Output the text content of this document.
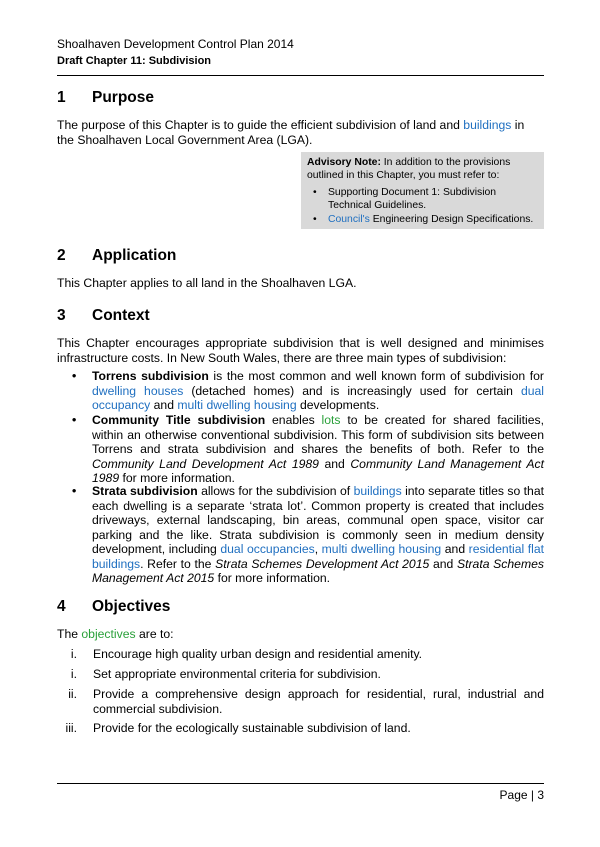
Shoalhaven Development Control Plan 2014
Draft Chapter 11: Subdivision
1 Purpose
The purpose of this Chapter is to guide the efficient subdivision of land and buildings in the Shoalhaven Local Government Area (LGA).
Advisory Note: In addition to the provisions outlined in this Chapter, you must refer to:
• Supporting Document 1: Subdivision Technical Guidelines.
• Council's Engineering Design Specifications.
2 Application
This Chapter applies to all land in the Shoalhaven LGA.
3 Context
This Chapter encourages appropriate subdivision that is well designed and minimises infrastructure costs. In New South Wales, there are three main types of subdivision:
• Torrens subdivision is the most common and well known form of subdivision for dwelling houses (detached homes) and is increasingly used for certain dual occupancy and multi dwelling housing developments.
• Community Title subdivision enables lots to be created for shared facilities, within an otherwise conventional subdivision. This form of subdivision sits between Torrens and strata subdivision and shares the benefits of both. Refer to the Community Land Development Act 1989 and Community Land Management Act 1989 for more information.
• Strata subdivision allows for the subdivision of buildings into separate titles so that each dwelling is a separate ‘strata lot’. Common property is created that includes driveways, external landscaping, bin areas, communal open space, visitor car parking and the like. Strata subdivision is commonly seen in medium density development, including dual occupancies, multi dwelling housing and residential flat buildings. Refer to the Strata Schemes Development Act 2015 and Strata Schemes Management Act 2015 for more information.
4 Objectives
The objectives are to:
i. Encourage high quality urban design and residential amenity.
i. Set appropriate environmental criteria for subdivision.
ii. Provide a comprehensive design approach for residential, rural, industrial and commercial subdivision.
iii. Provide for the ecologically sustainable subdivision of land.
Page | 3
